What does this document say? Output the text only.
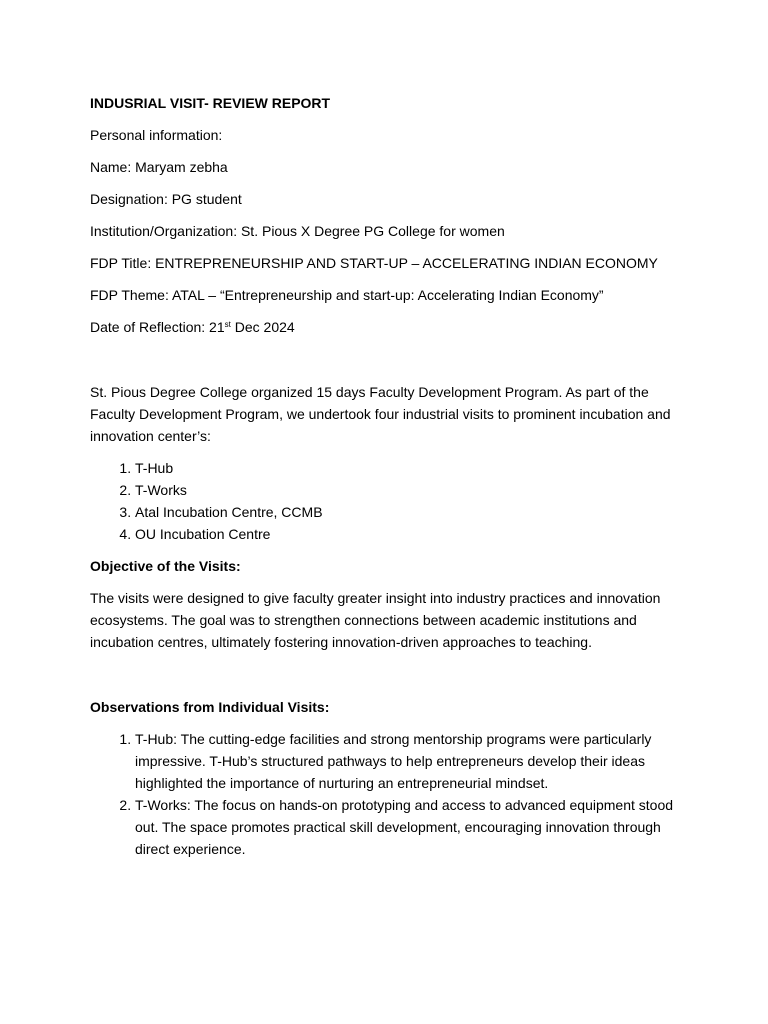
INDUSRIAL VISIT- REVIEW REPORT

Personal information:

Name: Maryam zebha

Designation: PG student

Institution/Organization: St. Pious X Degree PG College for women

FDP Title: ENTREPRENEURSHIP AND START-UP – ACCELERATING INDIAN ECONOMY

FDP Theme: ATAL – “Entrepreneurship and start-up: Accelerating Indian Economy”

Date of Reflection: 21st Dec 2024

St. Pious Degree College organized 15 days Faculty Development Program. As part of the Faculty Development Program, we undertook four industrial visits to prominent incubation and innovation center’s:

1. T-Hub
2. T-Works
3. Atal Incubation Centre, CCMB
4. OU Incubation Centre

Objective of the Visits:

The visits were designed to give faculty greater insight into industry practices and innovation ecosystems. The goal was to strengthen connections between academic institutions and incubation centres, ultimately fostering innovation-driven approaches to teaching.

Observations from Individual Visits:

1. T-Hub: The cutting-edge facilities and strong mentorship programs were particularly impressive. T-Hub’s structured pathways to help entrepreneurs develop their ideas highlighted the importance of nurturing an entrepreneurial mindset.
2. T-Works: The focus on hands-on prototyping and access to advanced equipment stood out. The space promotes practical skill development, encouraging innovation through direct experience.
